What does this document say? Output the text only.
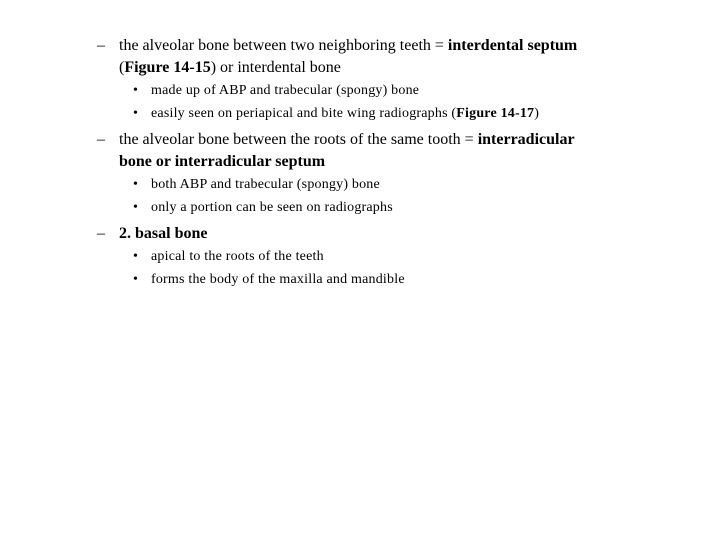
– the alveolar bone between two neighboring teeth = interdental septum
(Figure 14-15) or interdental bone
• made up of ABP and trabecular (spongy) bone
• easily seen on periapical and bite wing radiographs (Figure 14-17)
– the alveolar bone between the roots of the same tooth = interradicular
bone or interradicular septum
• both ABP and trabecular (spongy) bone
• only a portion can be seen on radiographs
– 2. basal bone
• apical to the roots of the teeth
• forms the body of the maxilla and mandible
